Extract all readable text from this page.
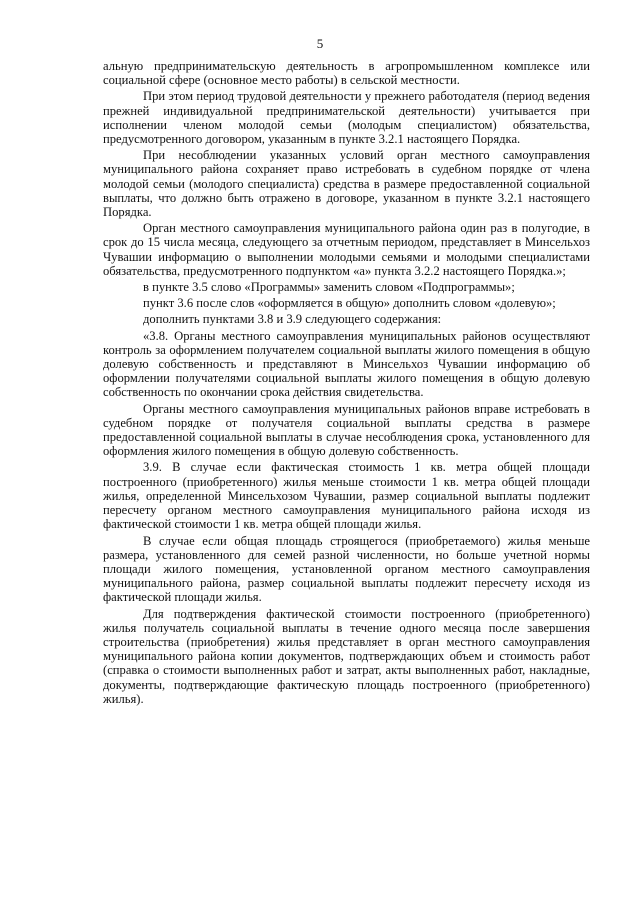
5

альную предпринимательскую деятельность в агропромышленном комплексе или социальной сфере (основное место работы) в сельской местности.

При этом период трудовой деятельности у прежнего работодателя (период ведения прежней индивидуальной предпринимательской деятельности) учитывается при исполнении членом молодой семьи (молодым специалистом) обязательства, предусмотренного договором, указанным в пункте 3.2.1 настоящего Порядка.

При несоблюдении указанных условий орган местного самоуправления муниципального района сохраняет право истребовать в судебном порядке от члена молодой семьи (молодого специалиста) средства в размере предоставленной социальной выплаты, что должно быть отражено в договоре, указанном в пункте 3.2.1 настоящего Порядка.

Орган местного самоуправления муниципального района один раз в полугодие, в срок до 15 числа месяца, следующего за отчетным периодом, представляет в Минсельхоз Чувашии информацию о выполнении молодыми семьями и молодыми специалистами обязательства, предусмотренного подпунктом «а» пункта 3.2.2 настоящего Порядка.»;

в пункте 3.5 слово «Программы» заменить словом «Подпрограммы»;

пункт 3.6 после слов «оформляется в общую» дополнить словом «долевую»;

дополнить пунктами 3.8 и 3.9 следующего содержания:

«3.8. Органы местного самоуправления муниципальных районов осуществляют контроль за оформлением получателем социальной выплаты жилого помещения в общую долевую собственность и представляют в Минсельхоз Чувашии информацию об оформлении получателями социальной выплаты жилого помещения в общую долевую собственность по окончании срока действия свидетельства.

Органы местного самоуправления муниципальных районов вправе истребовать в судебном порядке от получателя социальной выплаты средства в размере предоставленной социальной выплаты в случае несоблюдения срока, установленного для оформления жилого помещения в общую долевую собственность.

3.9. В случае если фактическая стоимость 1 кв. метра общей площади построенного (приобретенного) жилья меньше стоимости 1 кв. метра общей площади жилья, определенной Минсельхозом Чувашии, размер социальной выплаты подлежит пересчету органом местного самоуправления муниципального района исходя из фактической стоимости 1 кв. метра общей площади жилья.

В случае если общая площадь строящегося (приобретаемого) жилья меньше размера, установленного для семей разной численности, но больше учетной нормы площади жилого помещения, установленной органом местного самоуправления муниципального района, размер социальной выплаты подлежит пересчету исходя из фактической площади жилья.

Для подтверждения фактической стоимости построенного (приобретенного) жилья получатель социальной выплаты в течение одного месяца после завершения строительства (приобретения) жилья представляет в орган местного самоуправления муниципального района копии документов, подтверждающих объем и стоимость работ (справка о стоимости выполненных работ и затрат, акты выполненных работ, накладные, документы, подтверждающие фактическую площадь построенного (приобретенного) жилья).
